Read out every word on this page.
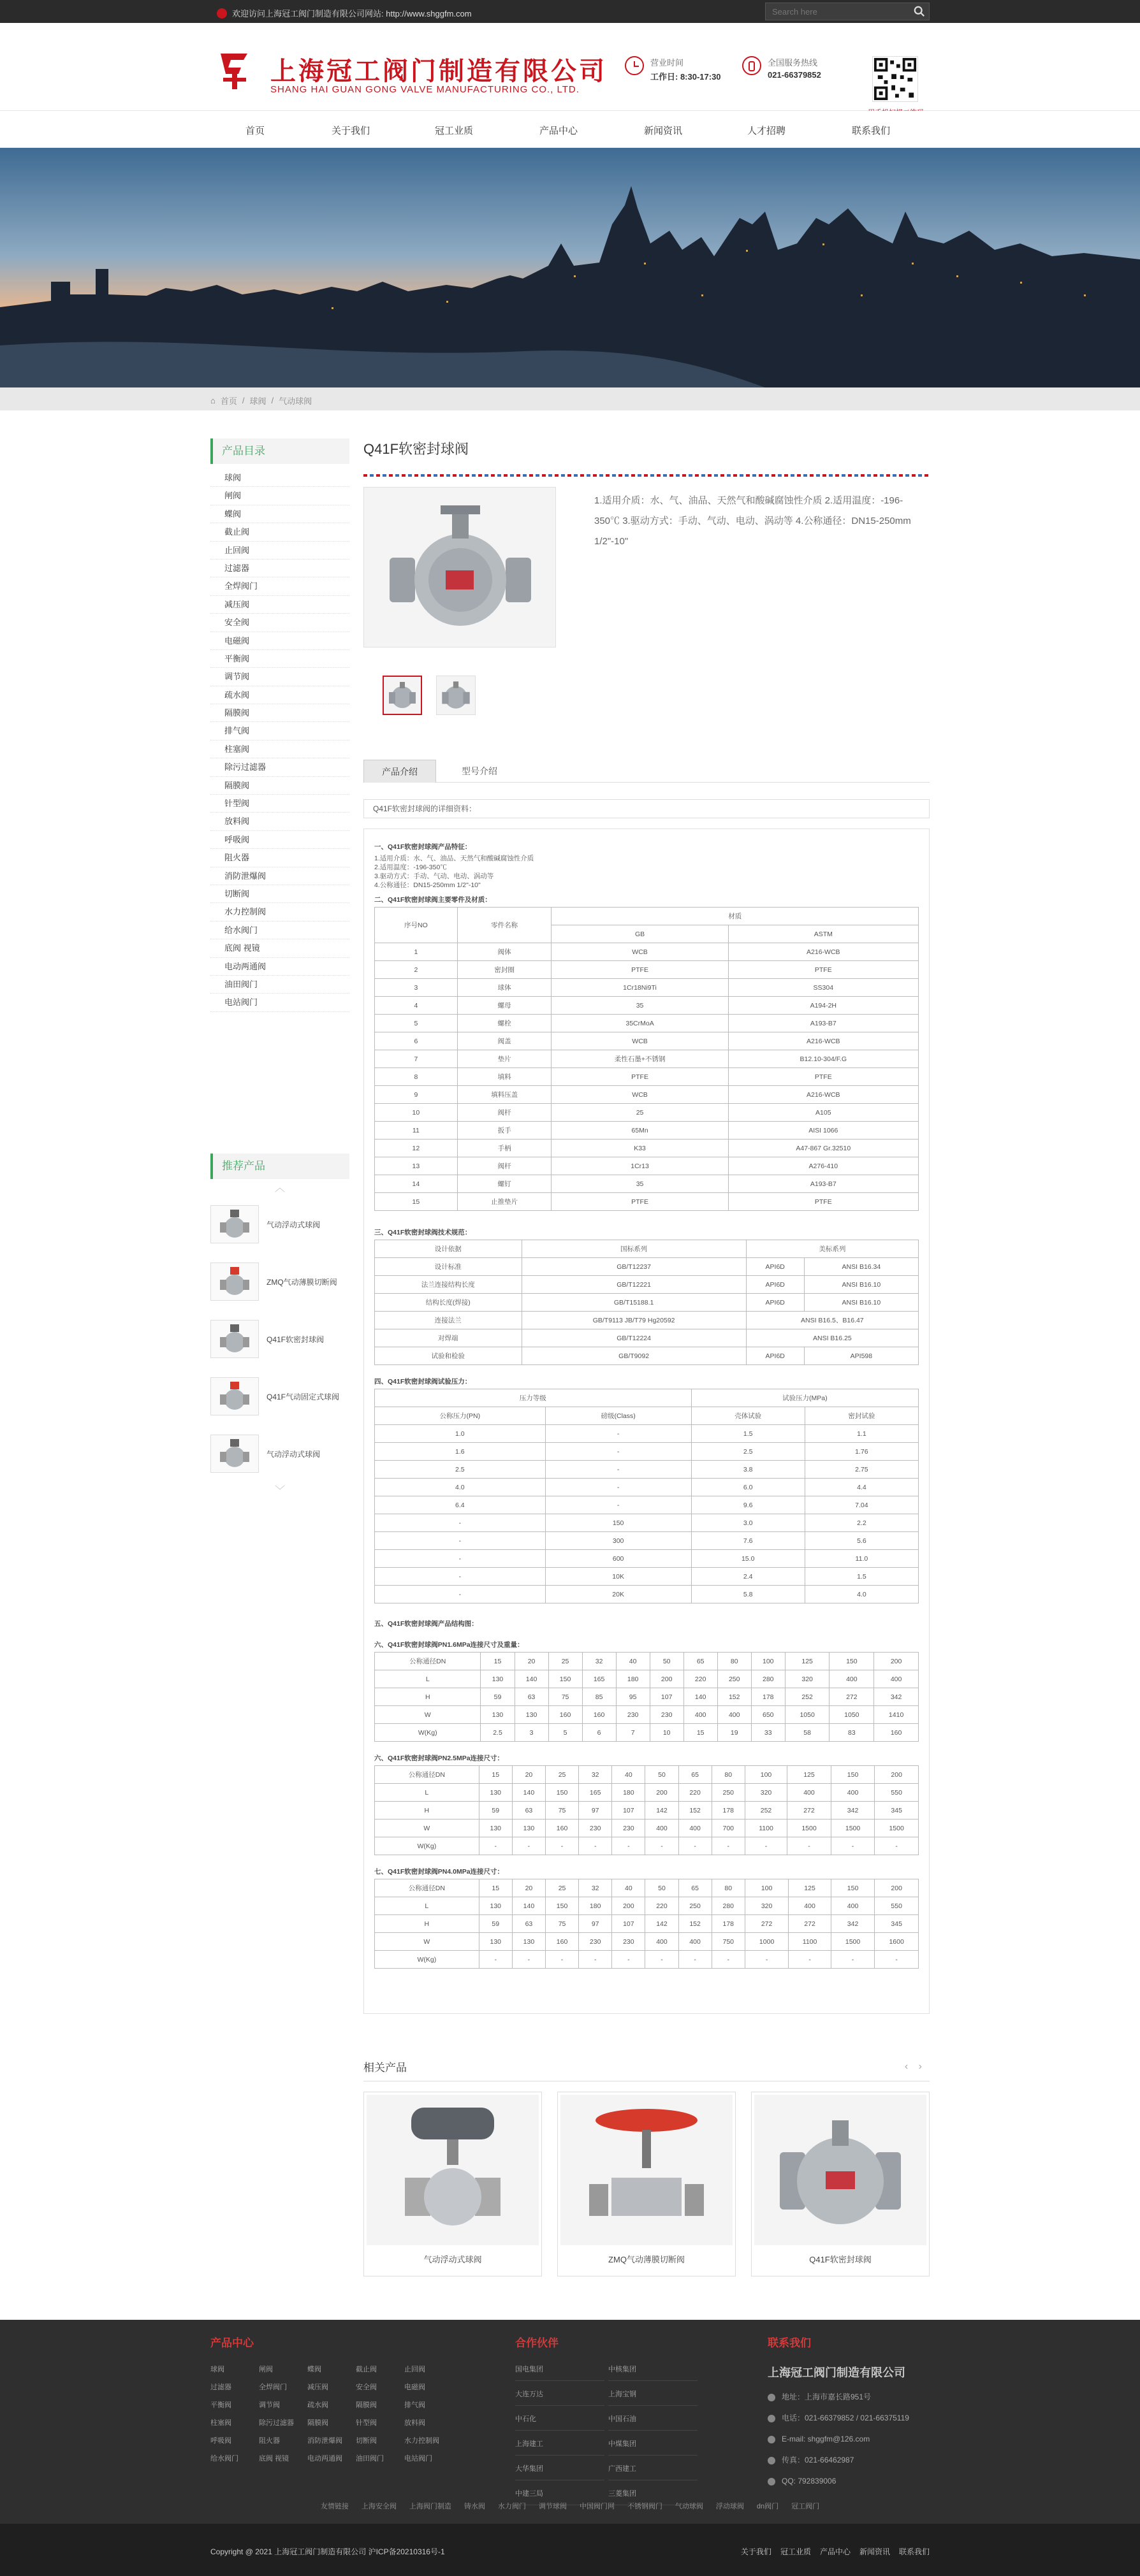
欢迎访问上海冠工阀门制造有限公司网站: http://www.shggfm.com
Search here
上海冠工阀门制造有限公司
SHANG HAI GUAN GONG VALVE MANUFACTURING CO., LTD.
营业时间
工作日: 8:30-17:30
全国服务热线
021-66379852
首页	关于我们	冠工业质	产品中心	新闻资讯	人才招聘	联系我们
⌂ 首页 / 球阀 / 气动球阀
产品目录
球阀
闸阀
蝶阀
截止阀
止回阀
过滤器
全焊阀门
减压阀
安全阀
电磁阀
平衡阀
调节阀
疏水阀
隔膜阀
排气阀
柱塞阀
除污过滤器
隔膜阀
针型阀
放料阀
呼吸阀
阻火器
消防泄爆阀
切断阀
水力控制阀
给水阀门
底阀 视镜
电动两通阀
油田阀门
电站阀门
推荐产品
︿
气动浮动式球阀
ZMQ气动薄膜切断阀
Q41F软密封球阀
Q41F气动固定式球阀
气动浮动式球阀
﹀
Q41F软密封球阀
1.适用介质：水、气、油品、天然气和酸碱腐蚀性介质 2.适用温度：-196-350℃ 3.驱动方式：手动、气动、电动、涡动等 4.公称通径：DN15-250mm 1/2"-10"
产品介绍	型号介绍
Q41F软密封球阀的详细资料：
一、Q41F软密封球阀产品特征：
1.适用介质：水、气、油品、天然气和酸碱腐蚀性介质
2.适用温度：-196-350℃
3.驱动方式：手动、气动、电动、涡动等
4.公称通径：DN15-250mm 1/2"-10"
二、Q41F软密封球阀主要零件及材质：
序号NO	零件名称	材质	
		GB	ASTM
1	阀体	WCB	A216-WCB
2	密封圈	PTFE	PTFE
3	球体	1Cr18Ni9Ti	SS304
4	螺母	35	A194-2H
5	螺栓	35CrMoA	A193-B7
6	阀盖	WCB	A216-WCB
7	垫片	柔性石墨+不锈钢	B12.10-304/F.G
8	填料	PTFE	PTFE
9	填料压盖	WCB	A216-WCB
10	阀杆	25	A105
11	扳手	65Mn	AISI 1066
12	手柄	K33	A47-867 Gr.32510
13	阀杆	1Cr13	A276-410
14	螺钉	35	A193-B7
15	止推垫片	PTFE	PTFE
三、Q41F软密封球阀技术规范：
设计依据	国标系列	美标系列	
设计标准	GB/T12237	API6D	ANSI B16.34
法兰连接结构长度	GB/T12221	API6D	ANSI B16.10
结构长度(焊接)	GB/T15188.1	API6D	ANSI B16.10
连接法兰	GB/T9113 JB/T79 Hg20592	ANSI B16.5、B16.47	
对焊端	GB/T12224	ANSI B16.25	
试验和检验	GB/T9092	API6D	API598
四、Q41F软密封球阀试验压力：
压力等级		试验压力(MPa)	
公称压力(PN)	磅级(Class)	壳体试验	密封试验
1.0	-	1.5	1.1
1.6	-	2.5	1.76
2.5	-	3.8	2.75
4.0	-	6.0	4.4
6.4	-	9.6	7.04
-	150	3.0	2.2
-	300	7.6	5.6
-	600	15.0	11.0
-	10K	2.4	1.5
-	20K	5.8	4.0
五、Q41F软密封球阀产品结构图：
六、Q41F软密封球阀PN1.6MPa连接尺寸及重量：
公称通径DN	15	20	25	32	40	50	65	80	100	125	150	200
L	130	140	150	165	180	200	220	250	280	320	400	400
H	59	63	75	85	95	107	140	152	178	252	272	342
W	130	130	160	160	230	230	400	400	650	1050	1050	1410
W(Kg)	2.5	3	5	6	7	10	15	19	33	58	83	160
六、Q41F软密封球阀PN2.5MPa连接尺寸：
公称通径DN	15	20	25	32	40	50	65	80	100	125	150	200
L	130	140	150	165	180	200	220	250	320	400	400	550
H	59	63	75	97	107	142	152	178	252	272	342	345
W	130	130	160	230	230	400	400	700	1100	1500	1500	1500
W(Kg)	-	-	-	-	-	-	-	-	-	-	-	-
七、Q41F软密封球阀PN4.0MPa连接尺寸：
公称通径DN	15	20	25	32	40	50	65	80	100	125	150	200
L	130	140	150	180	200	220	250	280	320	400	400	550
H	59	63	75	97	107	142	152	178	272	272	342	345
W	130	130	160	230	230	400	400	750	1000	1100	1500	1600
W(Kg)	-	-	-	-	-	-	-	-	-	-	-	-
相关产品	‹ ›
气动浮动式球阀	ZMQ气动薄膜切断阀	Q41F软密封球阀
产品中心
球阀	闸阀	蝶阀	截止阀	止回阀
过滤器	全焊阀门	减压阀	安全阀	电磁阀
平衡阀	调节阀	疏水阀	隔膜阀	排气阀
柱塞阀	除污过滤器	隔膜阀	针型阀	放料阀
呼吸阀	阻火器	消防泄爆阀	切断阀	水力控制阀
给水阀门	底阀 视镜	电动两通阀	油田阀门	电站阀门
合作伙伴
国电集团	中核集团
大连万达	上海宝钢
中石化	中国石油
上海建工	中煤集团
大华集团	广西建工
中建三局	三菱集团
联系我们
上海冠工阀门制造有限公司
地址：上海市嘉长路951号
电话：021-66379852 / 021-66375119
E-mail: shggfm@126.com
传真：021-66462987
QQ: 792839006
友情链接 上海安全阀 上海阀门制造 铸水阀 水力阀门 调节球阀 中国阀门网 不锈钢阀门 气动球阀 浮动球阀 dn阀门 冠工阀门
Copyright @ 2021 上海冠工阀门制造有限公司 沪ICP备20210316号-1	关于我们 冠工业质 产品中心 新闻资讯 联系我们
